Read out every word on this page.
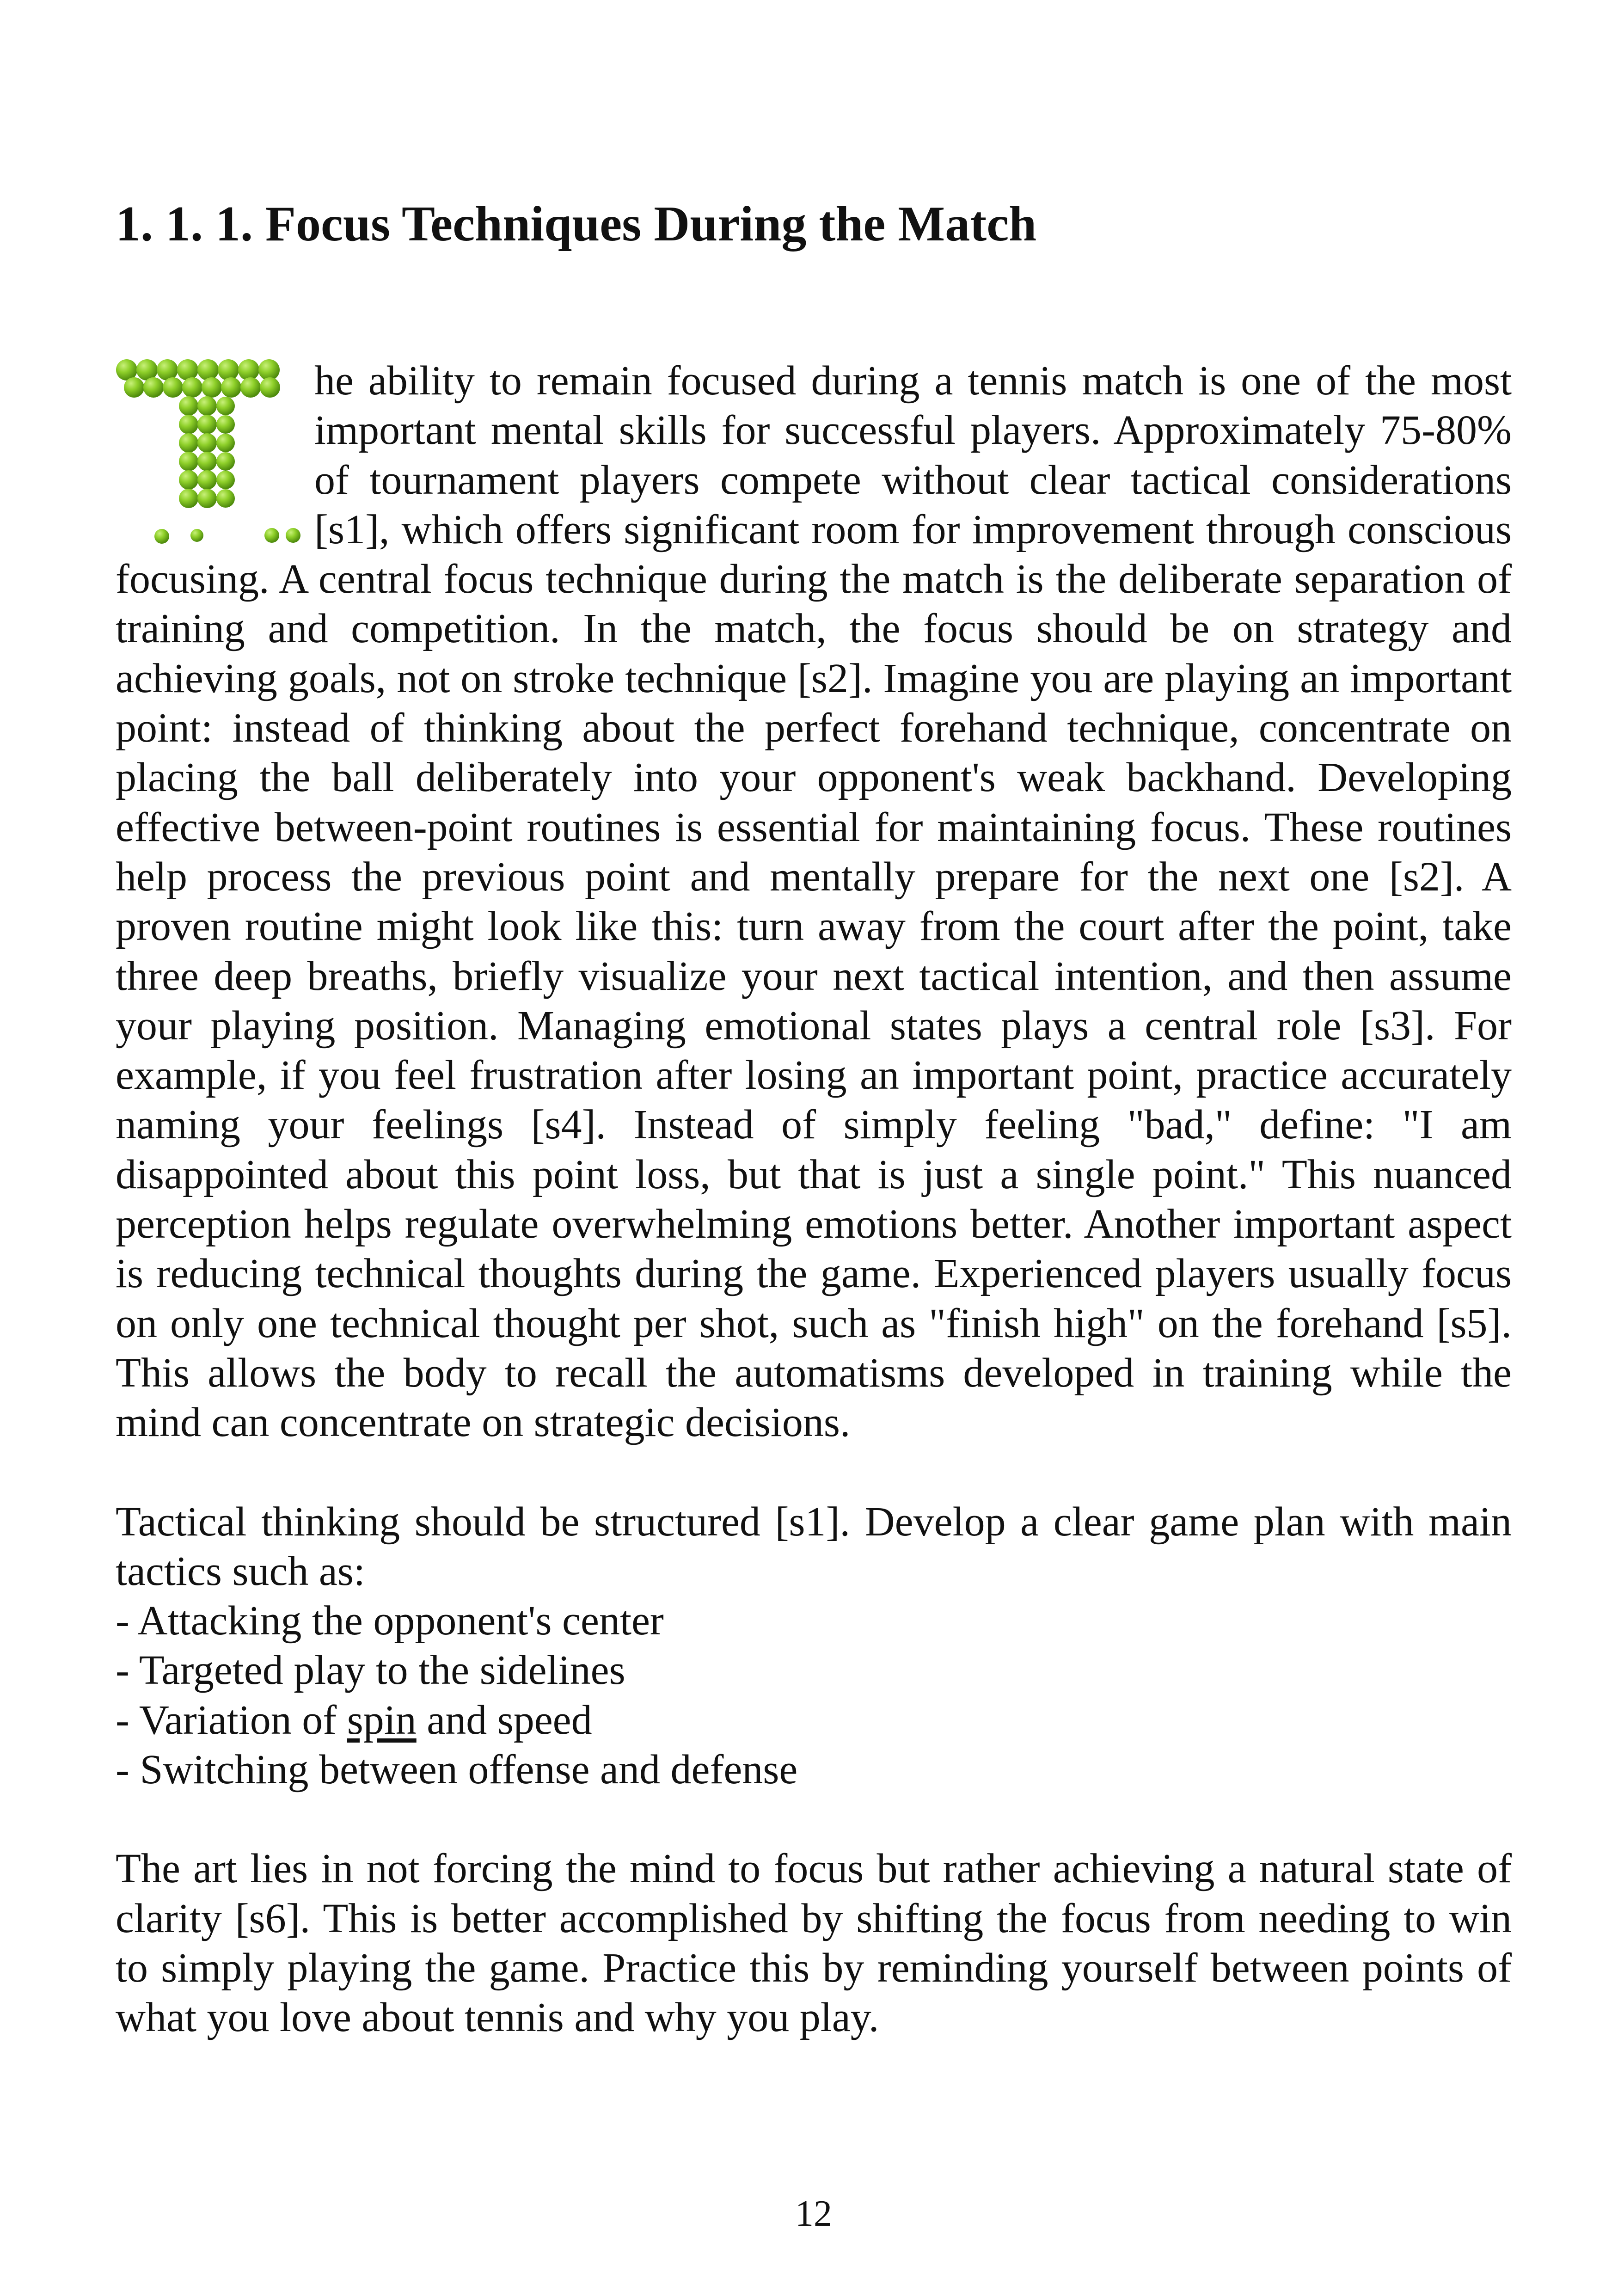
1. 1. 1. Focus Techniques During the Match

he ability to remain focused during a tennis match is one of the most important mental skills for successful players. Approximately 75-80% of tournament players compete without clear tactical considerations [s1], which offers significant room for improvement through conscious focusing. A central focus technique during the match is the deliberate separation of training and competition. In the match, the focus should be on strategy and achieving goals, not on stroke technique [s2]. Imagine you are playing an important point: instead of thinking about the perfect forehand technique, concentrate on placing the ball deliberately into your opponent's weak backhand. Developing effective between-point routines is essential for maintaining focus. These routines help process the previous point and mentally prepare for the next one [s2]. A proven routine might look like this: turn away from the court after the point, take three deep breaths, briefly visualize your next tactical intention, and then assume your playing position. Managing emotional states plays a central role [s3]. For example, if you feel frustration after losing an important point, practice accurately naming your feelings [s4]. Instead of simply feeling "bad," define: "I am disappointed about this point loss, but that is just a single point." This nuanced perception helps regulate overwhelming emotions better. Another important aspect is reducing technical thoughts during the game. Experienced players usually focus on only one technical thought per shot, such as "finish high" on the forehand [s5]. This allows the body to recall the automatisms developed in training while the mind can concentrate on strategic decisions.

Tactical thinking should be structured [s1]. Develop a clear game plan with main tactics such as:

- Attacking the opponent's center
- Targeted play to the sidelines
- Variation of spin and speed
- Switching between offense and defense

The art lies in not forcing the mind to focus but rather achieving a natural state of clarity [s6]. This is better accomplished by shifting the focus from needing to win to simply playing the game. Practice this by reminding yourself between points of what you love about tennis and why you play.

12
